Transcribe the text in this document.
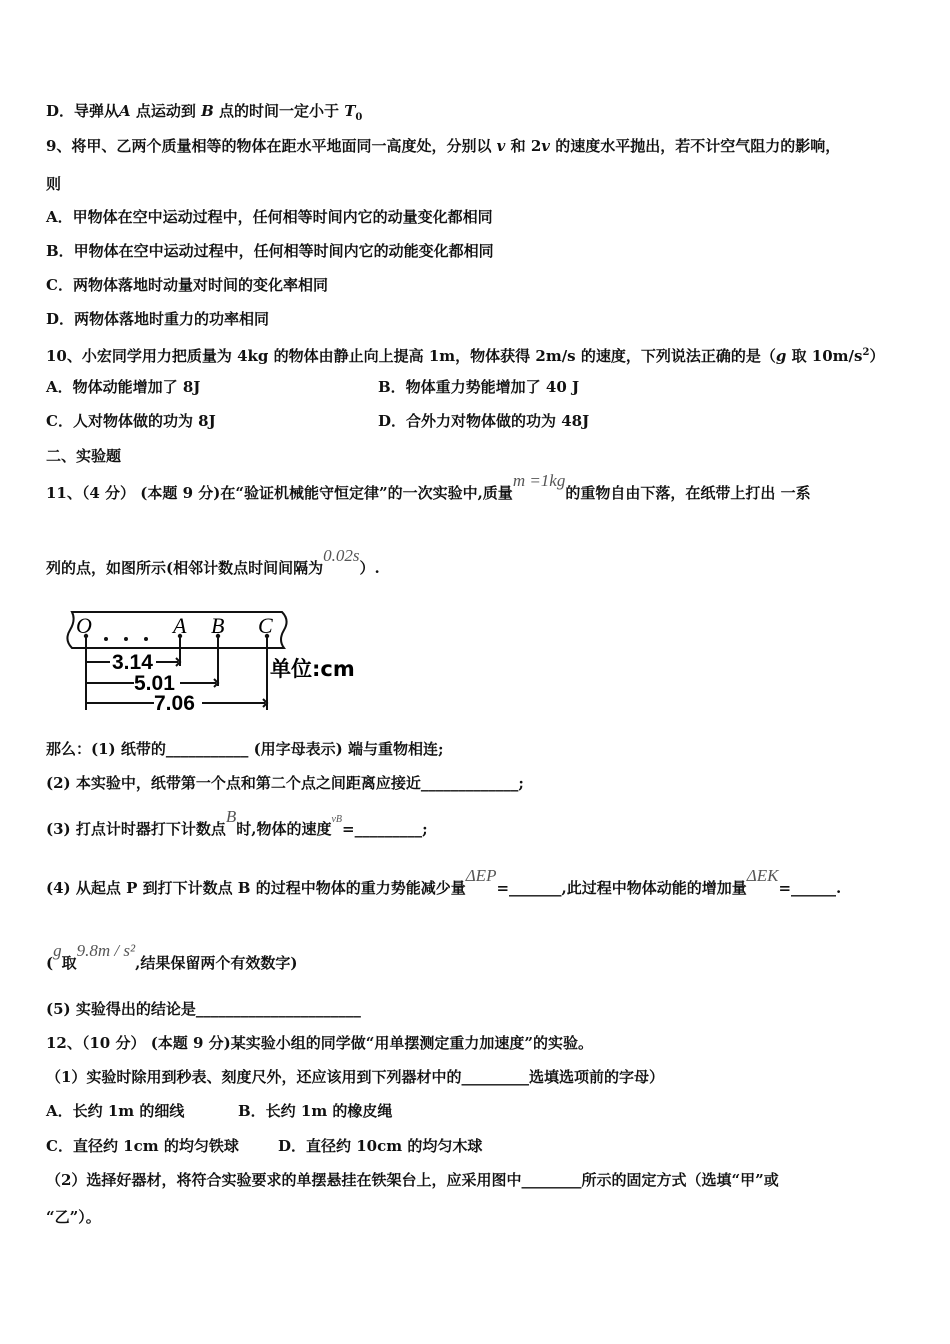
D．导弹从A 点运动到 B 点的时间一定小于 $T_0$
9、将甲、乙两个质量相等的物体在距水平地面同一高度处，分别以 v 和 2v 的速度水平抛出，若不计空气阻力的影响，
则
A．甲物体在空中运动过程中，任何相等时间内它的动量变化都相同
B．甲物体在空中运动过程中，任何相等时间内它的动能变化都相同
C．两物体落地时动量对时间的变化率相同
D．两物体落地时重力的功率相同
10、小宏同学用力把质量为 4kg 的物体由静止向上提高 1m，物体获得 2m/s 的速度，下列说法正确的是（g 取 $10m/s^2$）
A．物体动能增加了 8J	B．物体重力势能增加了 40 J
C．人对物体做的功为 8J	D．合外力对物体做的功为 48J
二、实验题
11、（4 分） (本题 9 分)在“验证机械能守恒定律”的一次实验中,质量m =1kg的重物自由下落，在纸带上打出 一系
列的点，如图所示(相邻计数点时间间隔为0.02s）.
O	A B C
3.14
5.01
7.06
单位:cm
那么：(1) 纸带的___________ (用字母表示) 端与重物相连;
(2) 本实验中，纸带第一个点和第二个点之间距离应接近_____________;
(3) 打点计时器打下计数点B时,物体的速度$^{vB}$=_________;
(4) 从起点 P 到打下计数点 B 的过程中物体的重力势能减少量ΔEP=_______,此过程中物体动能的增加量ΔEK=______.
(g取9.8m / s²,结果保留两个有效数字)
(5) 实验得出的结论是______________________
12、（10 分） (本题 9 分)某实验小组的同学做“用单摆测定重力加速度”的实验。
（1）实验时除用到秒表、刻度尺外，还应该用到下列器材中的_________选填选项前的字母）
A．长约 1m 的细线	B．长约 1m 的橡皮绳
C．直径约 1cm 的均匀铁球	D．直径约 10cm 的均匀木球
（2）选择好器材，将符合实验要求的单摆悬挂在铁架台上，应采用图中________所示的固定方式（选填“甲”或
“乙”）。
